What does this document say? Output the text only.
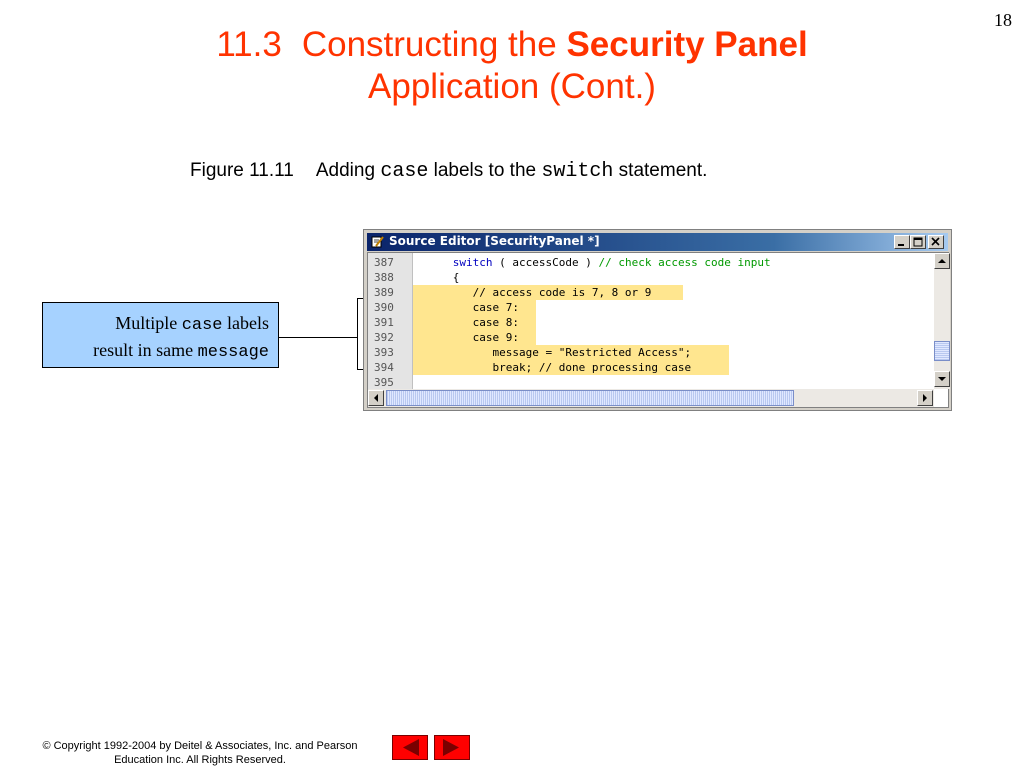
18
11.3 Constructing the Security Panel
Application (Cont.)
Figure 11.11 Adding case labels to the switch statement.
Multiple case labels
result in same message
Source Editor [SecurityPanel *]
387
388
389
390
391
392
393
394
395
switch ( accessCode ) // check access code input
{
// access code is 7, 8 or 9
case 7:
case 8:
case 9:
message = "Restricted Access";
break; // done processing case
© Copyright 1992-2004 by Deitel & Associates, Inc. and Pearson
Education Inc. All Rights Reserved.
